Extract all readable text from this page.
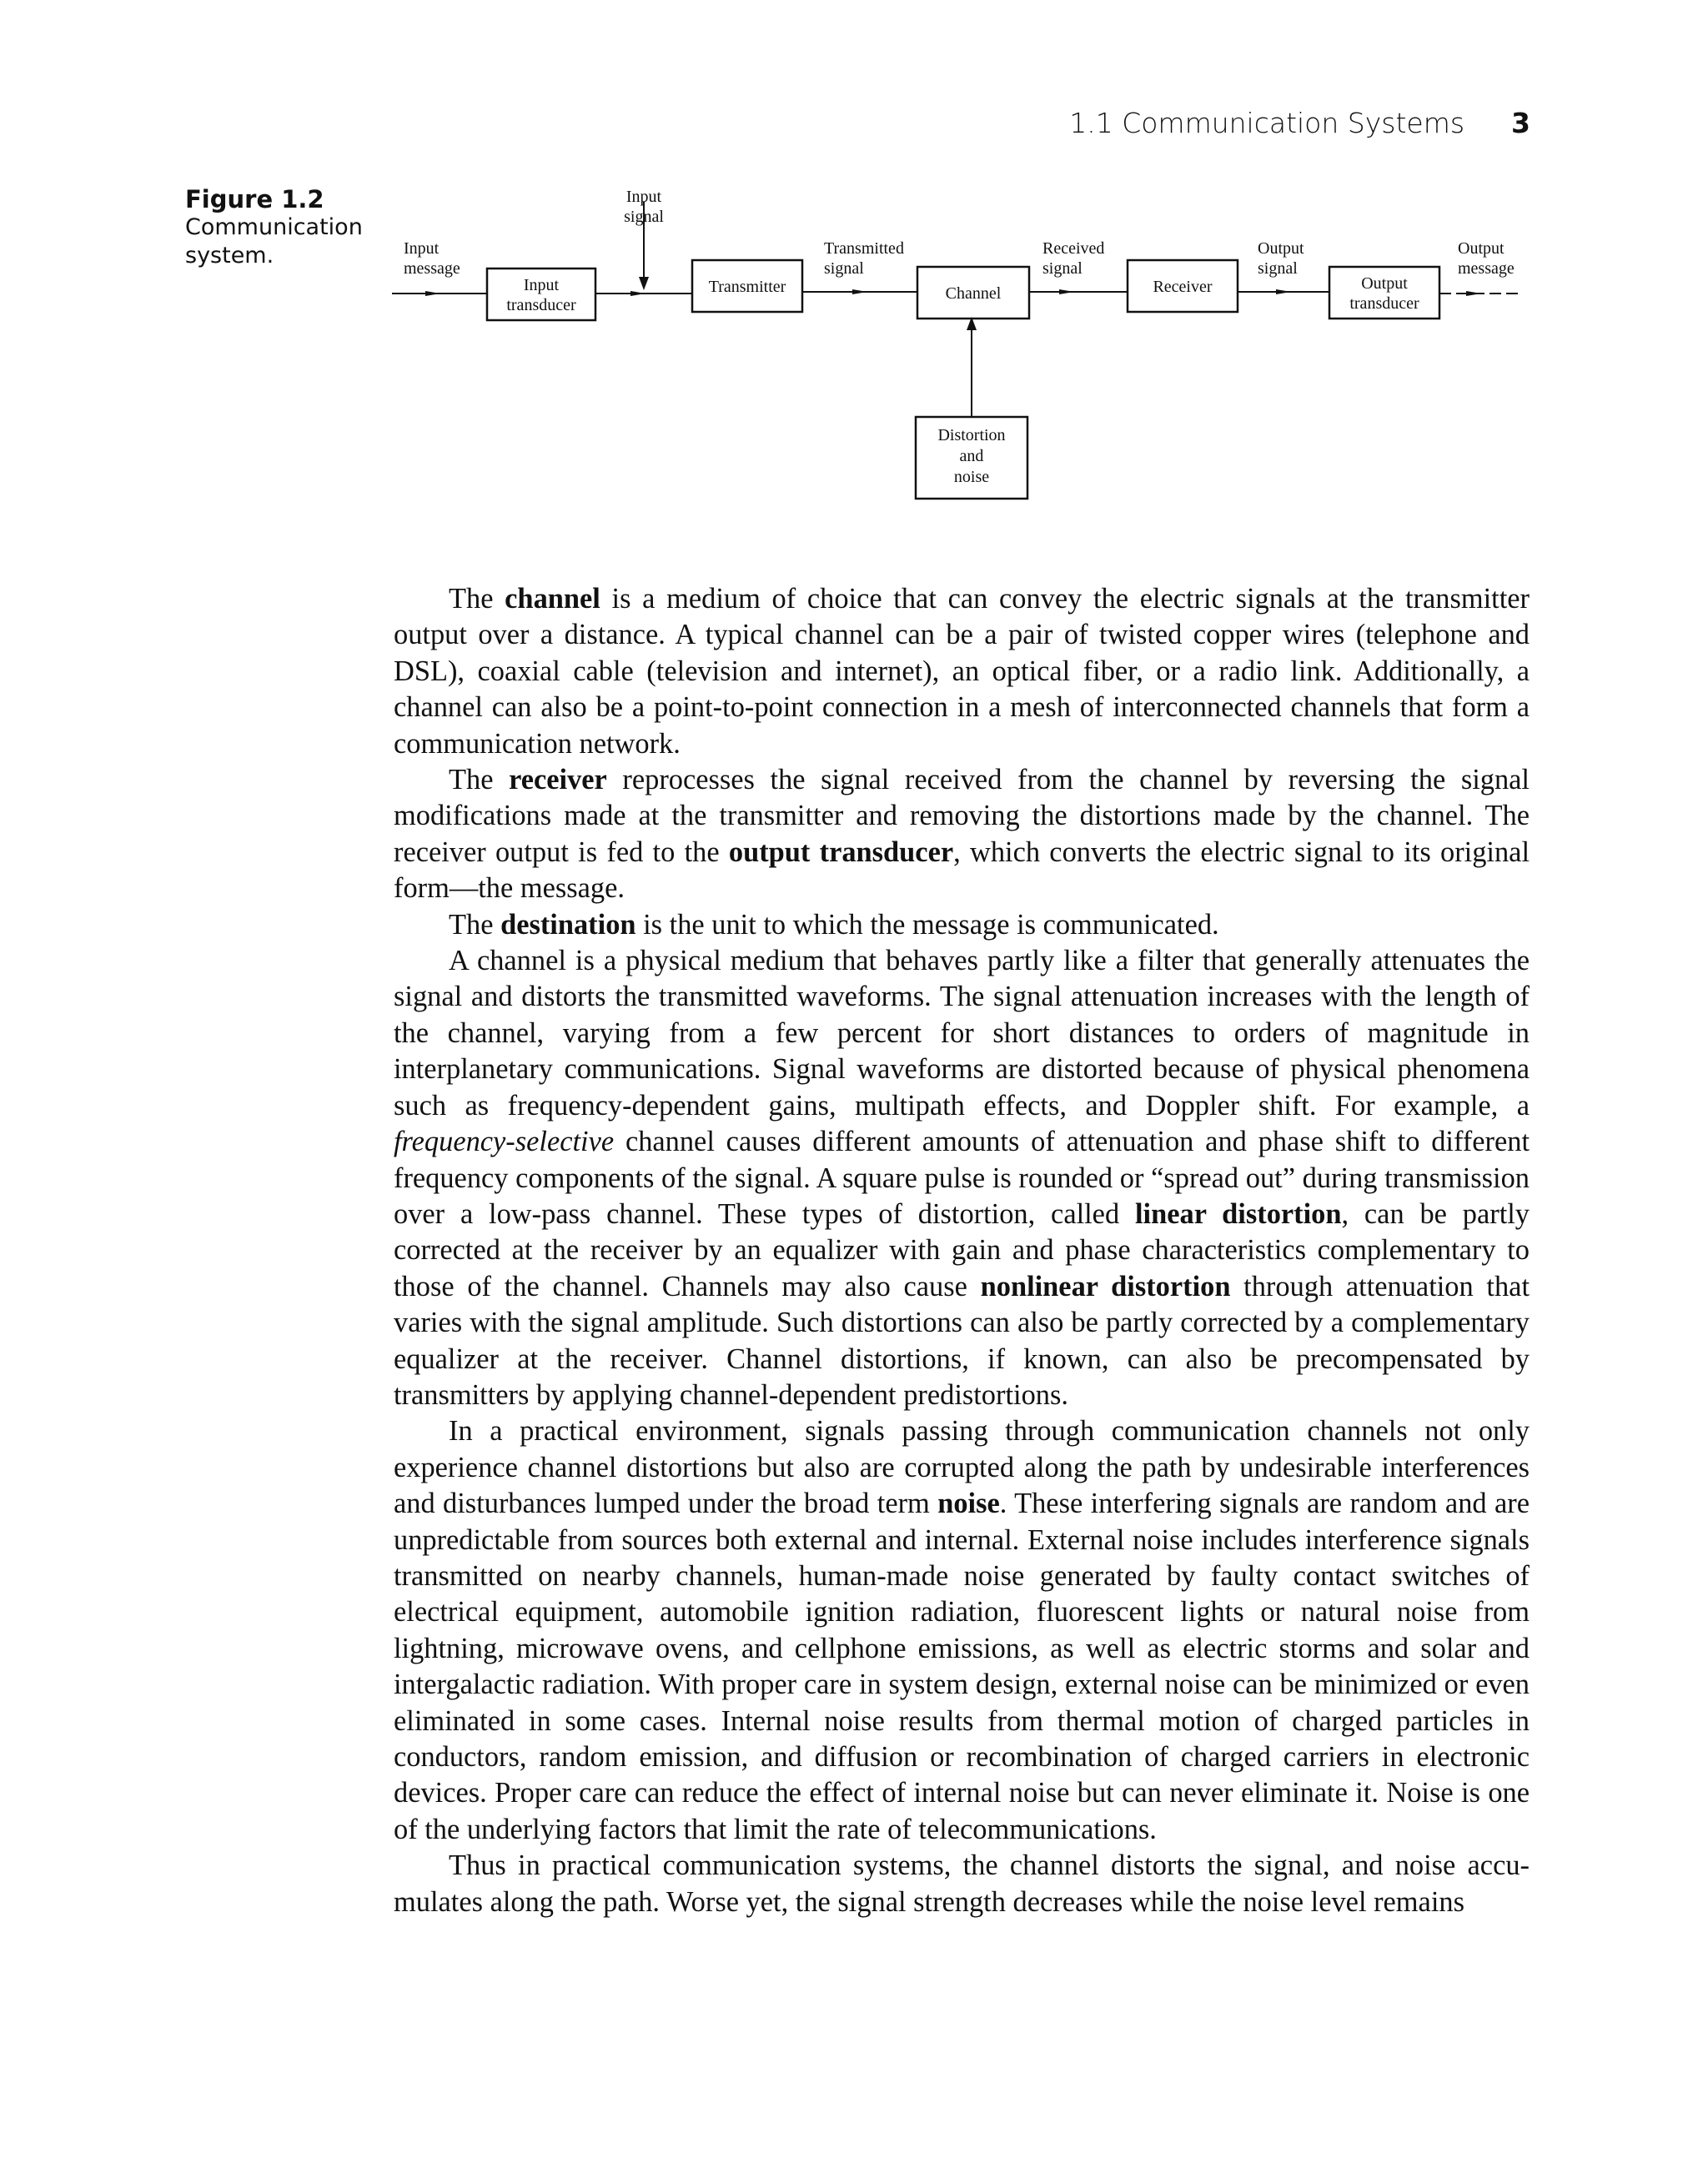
1.1 Communication Systems 3
Figure 1.2
Communication system.
Input
transducer
Transmitter	Channel	Receiver	Output
transducer
Distortion
and
noise
Input
message
Input
signal
Transmitted
signal
Received
signal
Output
signal
Output
message

The channel is a medium of choice that can convey the electric signals at the transmitter output over a distance. A typical channel can be a pair of twisted copper wires (telephone and DSL), coaxial cable (television and internet), an optical fiber, or a radio link. Additionally, a channel can also be a point-to-point connection in a mesh of interconnected channels that form a communication network.

The receiver reprocesses the signal received from the channel by reversing the signal modifications made at the transmitter and removing the distortions made by the channel. The receiver output is fed to the output transducer, which converts the electric signal to its original form—the message.

The destination is the unit to which the message is communicated.

A channel is a physical medium that behaves partly like a filter that generally attenuates the signal and distorts the transmitted waveforms. The signal attenuation increases with the length of the channel, varying from a few percent for short distances to orders of magnitude in interplanetary communications. Signal waveforms are distorted because of physical phenomena such as frequency-dependent gains, multipath effects, and Doppler shift. For example, a frequency-selective channel causes different amounts of attenuation and phase shift to different frequency components of the signal. A square pulse is rounded or “spread out” during transmission over a low-pass channel. These types of distortion, called linear distortion, can be partly corrected at the receiver by an equalizer with gain and phase characteristics complementary to those of the channel. Channels may also cause nonlinear distortion through attenuation that varies with the signal amplitude. Such distortions can also be partly corrected by a complementary equalizer at the receiver. Channel distortions, if known, can also be precompensated by transmitters by applying channel-dependent predistortions.

In a practical environment, signals passing through communication channels not only experience channel distortions but also are corrupted along the path by undesirable interferences and disturbances lumped under the broad term noise. These interfering signals are random and are unpredictable from sources both external and internal. External noise includes interference signals transmitted on nearby channels, human-made noise generated by faulty contact switches of electrical equipment, automobile ignition radiation, fluorescent lights or natural noise from lightning, microwave ovens, and cellphone emissions, as well as electric storms and solar and intergalactic radiation. With proper care in system design, external noise can be minimized or even eliminated in some cases. Internal noise results from thermal motion of charged particles in conductors, random emission, and diffusion or recombination of charged carriers in electronic devices. Proper care can reduce the effect of internal noise but can never eliminate it. Noise is one of the underlying factors that limit the rate of telecommunications.

Thus in practical communication systems, the channel distorts the signal, and noise accumulates along the path. Worse yet, the signal strength decreases while the noise level remains
